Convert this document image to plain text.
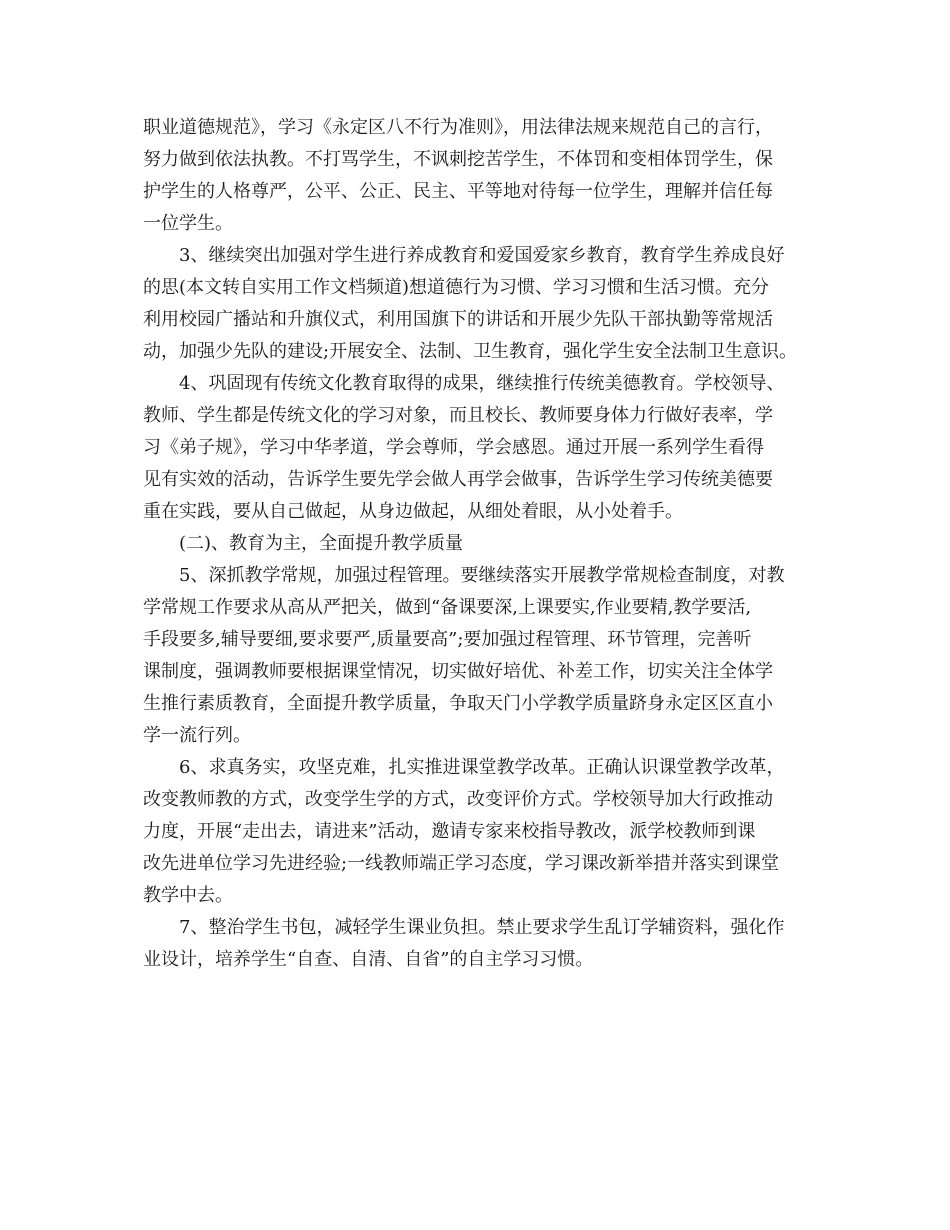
职业道德规范》，学习《永定区八不行为准则》，用法律法规来规范自己的言行，
努力做到依法执教。不打骂学生，不讽刺挖苦学生，不体罚和变相体罚学生，保
护学生的人格尊严，公平、公正、民主、平等地对待每一位学生，理解并信任每
一位学生。
3、继续突出加强对学生进行养成教育和爱国爱家乡教育，教育学生养成良好
的思(本文转自实用工作文档频道)想道德行为习惯、学习习惯和生活习惯。充分
利用校园广播站和升旗仪式，利用国旗下的讲话和开展少先队干部执勤等常规活
动，加强少先队的建设;开展安全、法制、卫生教育，强化学生安全法制卫生意识。
4、巩固现有传统文化教育取得的成果，继续推行传统美德教育。学校领导、
教师、学生都是传统文化的学习对象，而且校长、教师要身体力行做好表率，学
习《弟子规》，学习中华孝道，学会尊师，学会感恩。通过开展一系列学生看得
见有实效的活动，告诉学生要先学会做人再学会做事，告诉学生学习传统美德要
重在实践，要从自己做起，从身边做起，从细处着眼，从小处着手。
(二)、教育为主，全面提升教学质量
5、深抓教学常规，加强过程管理。要继续落实开展教学常规检查制度，对教
学常规工作要求从高从严把关，做到“备课要深,上课要实,作业要精,教学要活,
手段要多,辅导要细,要求要严,质量要高”;要加强过程管理、环节管理，完善听
课制度，强调教师要根据课堂情况，切实做好培优、补差工作，切实关注全体学
生推行素质教育，全面提升教学质量，争取天门小学教学质量跻身永定区区直小
学一流行列。
6、求真务实，攻坚克难，扎实推进课堂教学改革。正确认识课堂教学改革，
改变教师教的方式，改变学生学的方式，改变评价方式。学校领导加大行政推动
力度，开展“走出去，请进来”活动，邀请专家来校指导教改，派学校教师到课
改先进单位学习先进经验;一线教师端正学习态度，学习课改新举措并落实到课堂
教学中去。
7、整治学生书包，减轻学生课业负担。禁止要求学生乱订学辅资料，强化作
业设计，培养学生“自查、自清、自省”的自主学习习惯。
